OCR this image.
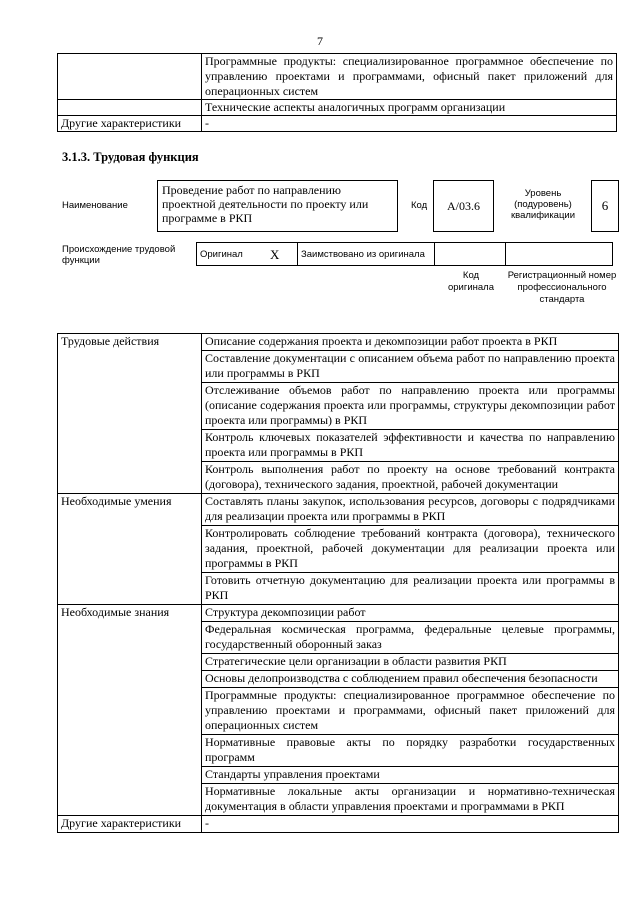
7
	Программные продукты: специализированное программное обеспечение по управлению проектами и программами, офисный пакет приложений для операционных систем
	Технические аспекты аналогичных программ организации
Другие характеристики	-
3.1.3. Трудовая функция
Наименование
Проведение работ по направлению проектной деятельности по проекту или программе в РКП
Код	A/03.6
Уровень (подуровень) квалификации
6
Происхождение трудовой функции
Оригинал	X	Заимствовано из оригинала		
Код оригинала
Регистрационный номер профессионального стандарта
Трудовые действия	Описание содержания проекта и декомпозиции работ проекта в РКП
	Составление документации с описанием объема работ по направлению проекта или программы в РКП
	Отслеживание объемов работ по направлению проекта или программы (описание содержания проекта или программы, структуры декомпозиции работ проекта или программы) в РКП
	Контроль ключевых показателей эффективности и качества по направлению проекта или программы в РКП
	Контроль выполнения работ по проекту на основе требований контракта (договора), технического задания, проектной, рабочей документации
Необходимые умения	Составлять планы закупок, использования ресурсов, договоры с подрядчиками для реализации проекта или программы в РКП
	Контролировать соблюдение требований контракта (договора), технического задания, проектной, рабочей документации для реализации проекта или программы в РКП
	Готовить отчетную документацию для реализации проекта или программы в РКП
Необходимые знания	Структура декомпозиции работ
	Федеральная космическая программа, федеральные целевые программы, государственный оборонный заказ
	Стратегические цели организации в области развития РКП
	Основы делопроизводства с соблюдением правил обеспечения безопасности
	Программные продукты: специализированное программное обеспечение по управлению проектами и программами, офисный пакет приложений для операционных систем
	Нормативные правовые акты по порядку разработки государственных программ
	Стандарты управления проектами
	Нормативные локальные акты организации и нормативно-техническая документация в области управления проектами и программами в РКП
Другие характеристики	-
